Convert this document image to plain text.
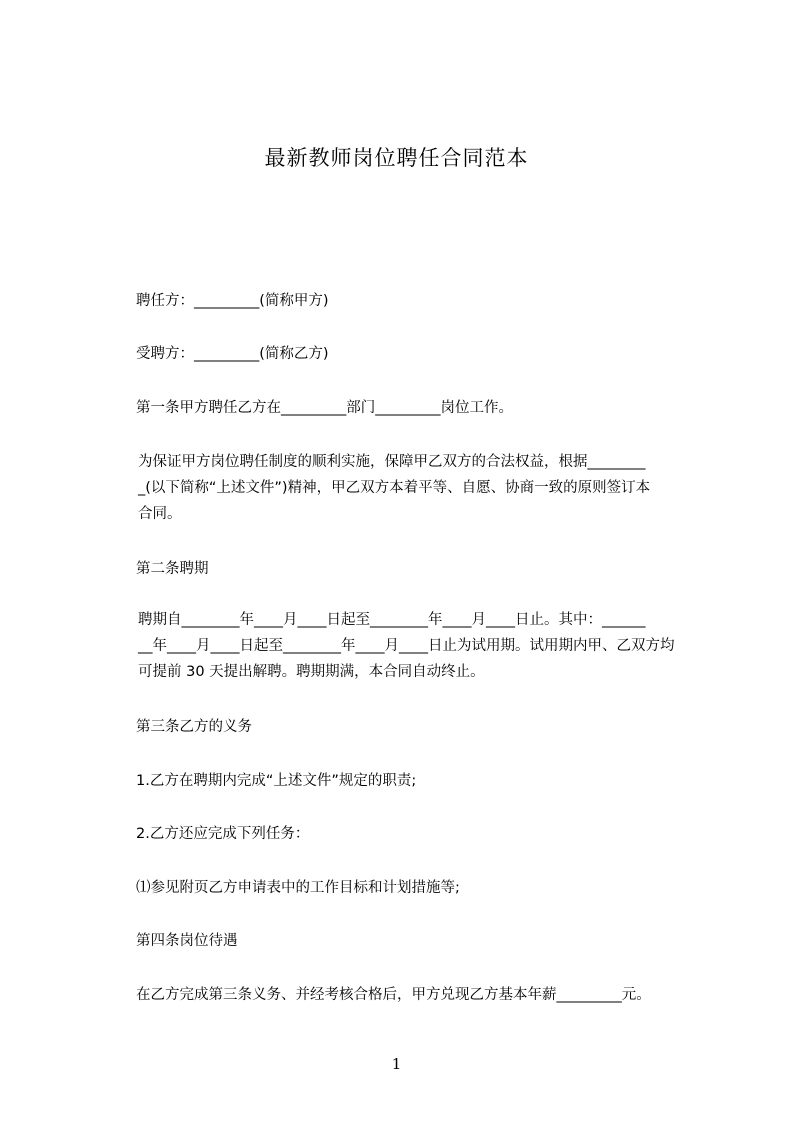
最新教师岗位聘任合同范本
聘任方：_________(简称甲方)
受聘方：_________(简称乙方)
第一条甲方聘任乙方在_________部门_________岗位工作。
为保证甲方岗位聘任制度的顺利实施，保障甲乙双方的合法权益，根据________
_(以下简称“上述文件”)精神，甲乙双方本着平等、自愿、协商一致的原则签订本
合同。
第二条聘期
聘期自________年____月____日起至________年____月____日止。其中：______
__年____月____日起至________年____月____日止为试用期。试用期内甲、乙双方均
可提前 30 天提出解聘。聘期期满，本合同自动终止。
第三条乙方的义务
1.乙方在聘期内完成“上述文件”规定的职责;
2.乙方还应完成下列任务：
⑴参见附页乙方申请表中的工作目标和计划措施等;
第四条岗位待遇
在乙方完成第三条义务、并经考核合格后，甲方兑现乙方基本年薪_________元。
1
